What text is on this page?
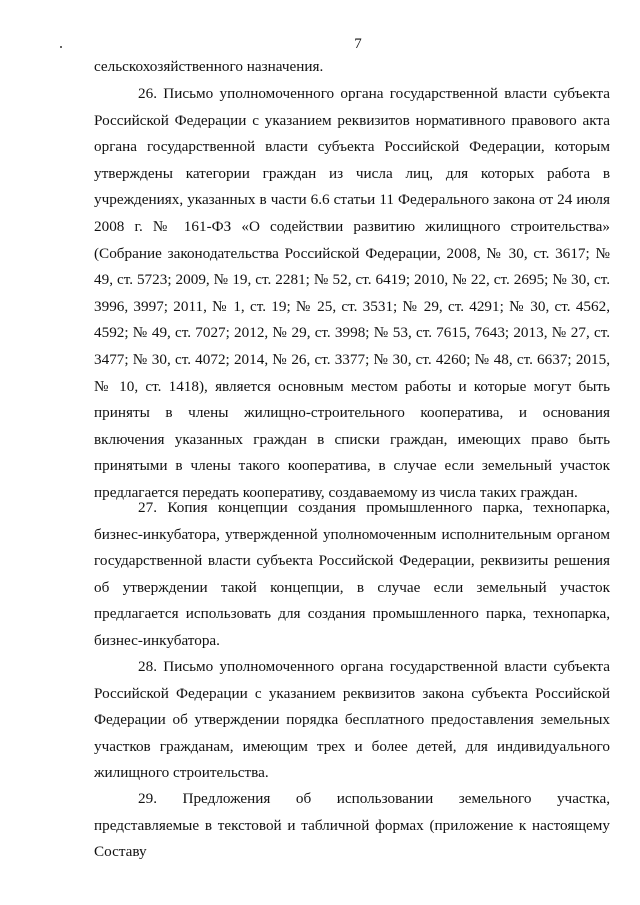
7
сельскохозяйственного назначения.
26. Письмо уполномоченного органа государственной власти субъекта Российской Федерации с указанием реквизитов нормативного правового акта органа государственной власти субъекта Российской Федерации, которым утверждены категории граждан из числа лиц, для которых работа в учреждениях, указанных в части 6.6 статьи 11 Федерального закона от 24 июля 2008 г. № 161-ФЗ «О содействии развитию жилищного строительства» (Собрание законодательства Российской Федерации, 2008, № 30, ст. 3617; № 49, ст. 5723; 2009, № 19, ст. 2281; № 52, ст. 6419; 2010, № 22, ст. 2695; № 30, ст. 3996, 3997; 2011, № 1, ст. 19; № 25, ст. 3531; № 29, ст. 4291; № 30, ст. 4562, 4592; № 49, ст. 7027; 2012, № 29, ст. 3998; № 53, ст. 7615, 7643; 2013, № 27, ст. 3477; № 30, ст. 4072; 2014, № 26, ст. 3377; № 30, ст. 4260; № 48, ст. 6637; 2015, № 10, ст. 1418), является основным местом работы и которые могут быть приняты в члены жилищно-строительного кооператива, и основания включения указанных граждан в списки граждан, имеющих право быть принятыми в члены такого кооператива, в случае если земельный участок предлагается передать кооперативу, создаваемому из числа таких граждан.
27. Копия концепции создания промышленного парка, технопарка, бизнес-инкубатора, утвержденной уполномоченным исполнительным органом государственной власти субъекта Российской Федерации, реквизиты решения об утверждении такой концепции, в случае если земельный участок предлагается использовать для создания промышленного парка, технопарка, бизнес-инкубатора.
28. Письмо уполномоченного органа государственной власти субъекта Российской Федерации с указанием реквизитов закона субъекта Российской Федерации об утверждении порядка бесплатного предоставления земельных участков гражданам, имеющим трех и более детей, для индивидуального жилищного строительства.
29. Предложения об использовании земельного участка, представляемые в текстовой и табличной формах (приложение к настоящему Составу
